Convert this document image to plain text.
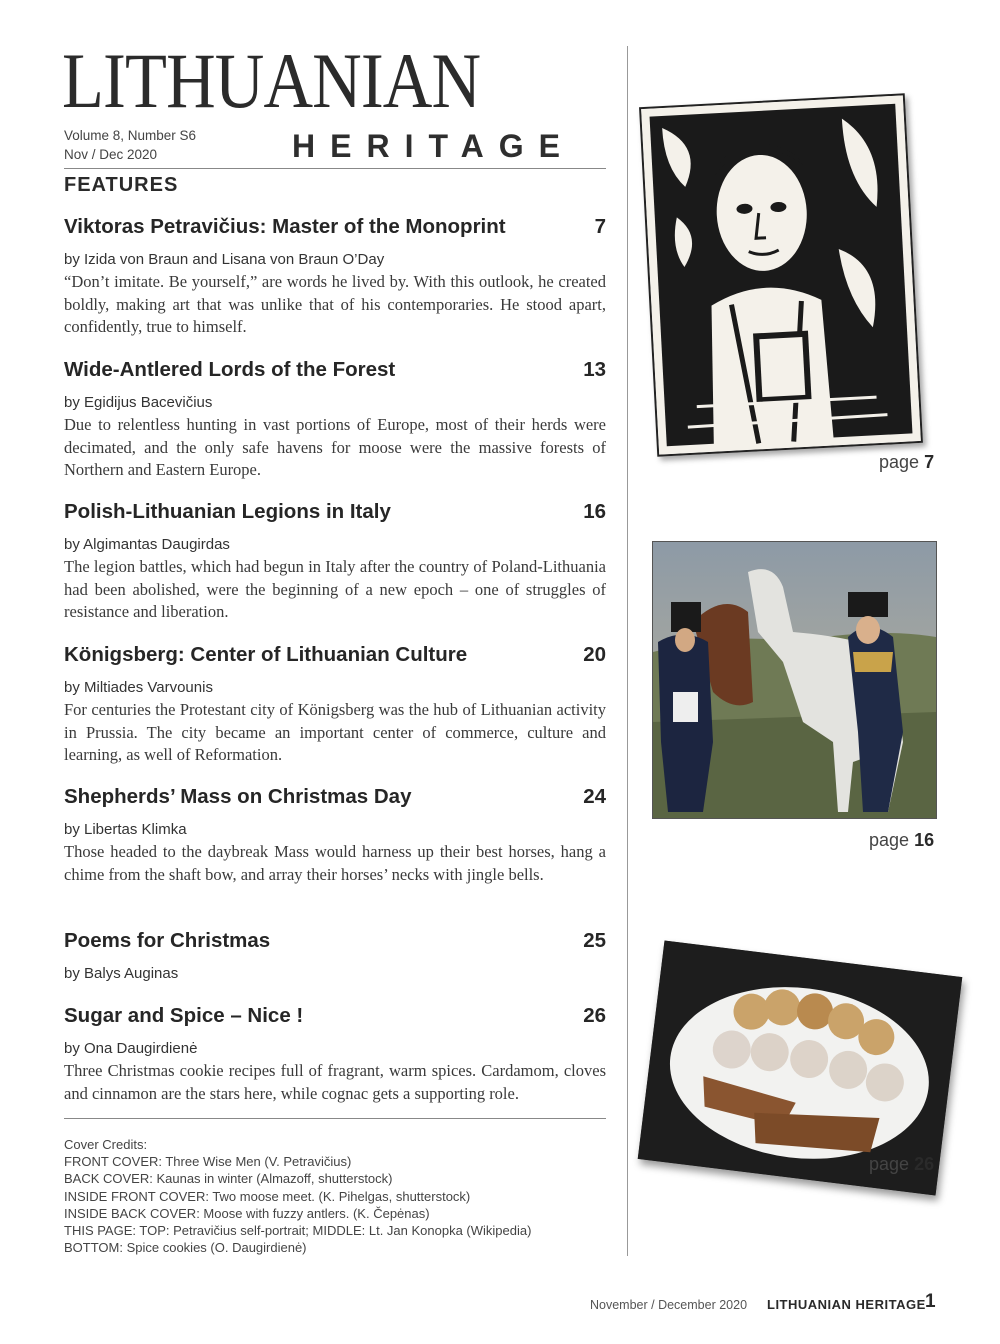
LITHUANIAN
Volume 8, Number S6
Nov / Dec 2020	HERITAGE
FEATURES
Viktoras Petravičius: Master of the Monoprint	7
by Izida von Braun and Lisana von Braun O’Day
“Don’t imitate. Be yourself,” are words he lived by. With this outlook, he created boldly, making art that was unlike that of his contemporaries. He stood apart, confidently, true to himself.
Wide-Antlered Lords of the Forest	13
by Egidijus Bacevičius
Due to relentless hunting in vast portions of Europe, most of their herds were decimated, and the only safe havens for moose were the massive forests of Northern and Eastern Europe.
Polish-Lithuanian Legions in Italy	16
by Algimantas Daugirdas
The legion battles, which had begun in Italy after the country of Poland-Lithuania had been abolished, were the beginning of a new epoch – one of struggles of resistance and liberation.
Königsberg: Center of Lithuanian Culture	20
by Miltiades Varvounis
For centuries the Protestant city of Königsberg was the hub of Lithuanian activity in Prussia. The city became an important center of commerce, culture and learning, as well of Reformation.
Shepherds’ Mass on Christmas Day	24
by Libertas Klimka
Those headed to the daybreak Mass would harness up their best horses, hang a chime from the shaft bow, and array their horses’ necks with jingle bells.
Poems for Christmas	25
by Balys Auginas
Sugar and Spice – Nice !	26
by Ona Daugirdienė
Three Christmas cookie recipes full of fragrant, warm spices. Cardamom, cloves and cinnamon are the stars here, while cognac gets a supporting role.
Cover Credits:
FRONT COVER: Three Wise Men (V. Petravičius)
BACK COVER: Kaunas in winter (Almazoff, shutterstock)
INSIDE FRONT COVER: Two moose meet. (K. Pihelgas, shutterstock)
INSIDE BACK COVER: Moose with fuzzy antlers. (K. Čepėnas)
THIS PAGE: TOP: Petravičius self-portrait; MIDDLE: Lt. Jan Konopka (Wikipedia)
BOTTOM: Spice cookies (O. Daugirdienė)
page 7
page 16
page 26
November / December 2020 LITHUANIAN HERITAGE 1
